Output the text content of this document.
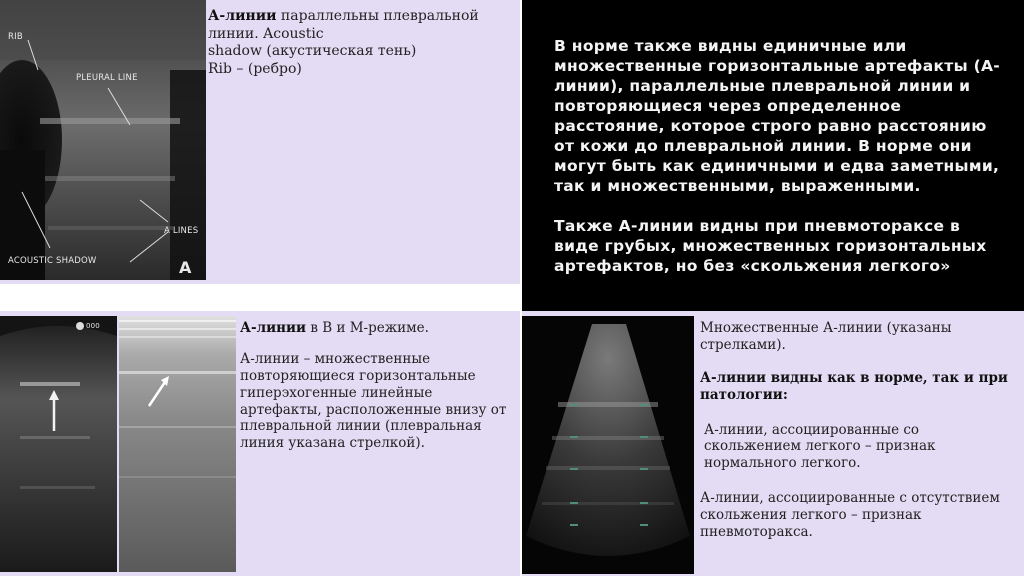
RIB
PLEURAL LINE
A LINES
ACOUSTIC SHADOW	A
А-линии параллельны плевральной линии. Acoustic
shadow (акустическая тень)
Rib – (ребро)
000	А-линии в В и М-режиме.
А-линии – множественные повторяющиеся горизонтальные гиперэхогенные линейные артефакты, расположенные внизу от плевральной линии (плевральная линия указана стрелкой).
Множественные А-линии (указаны стрелками).
А-линии видны как в норме, так и при патологии:
А-линии, ассоциированные со скольжением легкого – признак нормального легкого.
А-линии, ассоциированные с отсутствием скольжения легкого – признак пневмоторакса.

В норме также видны единичные или множественные горизонтальные артефакты (А- линии), параллельные плевральной линии и повторяющиеся через определенное расстояние, которое строго равно расстоянию от кожи до плевральной линии. В норме они могут быть как единичными и едва заметными, так и множественными, выраженными.

Также А-линии видны при пневмотораксе в виде грубых, множественных горизонтальных артефактов, но без «скольжения легкого»
